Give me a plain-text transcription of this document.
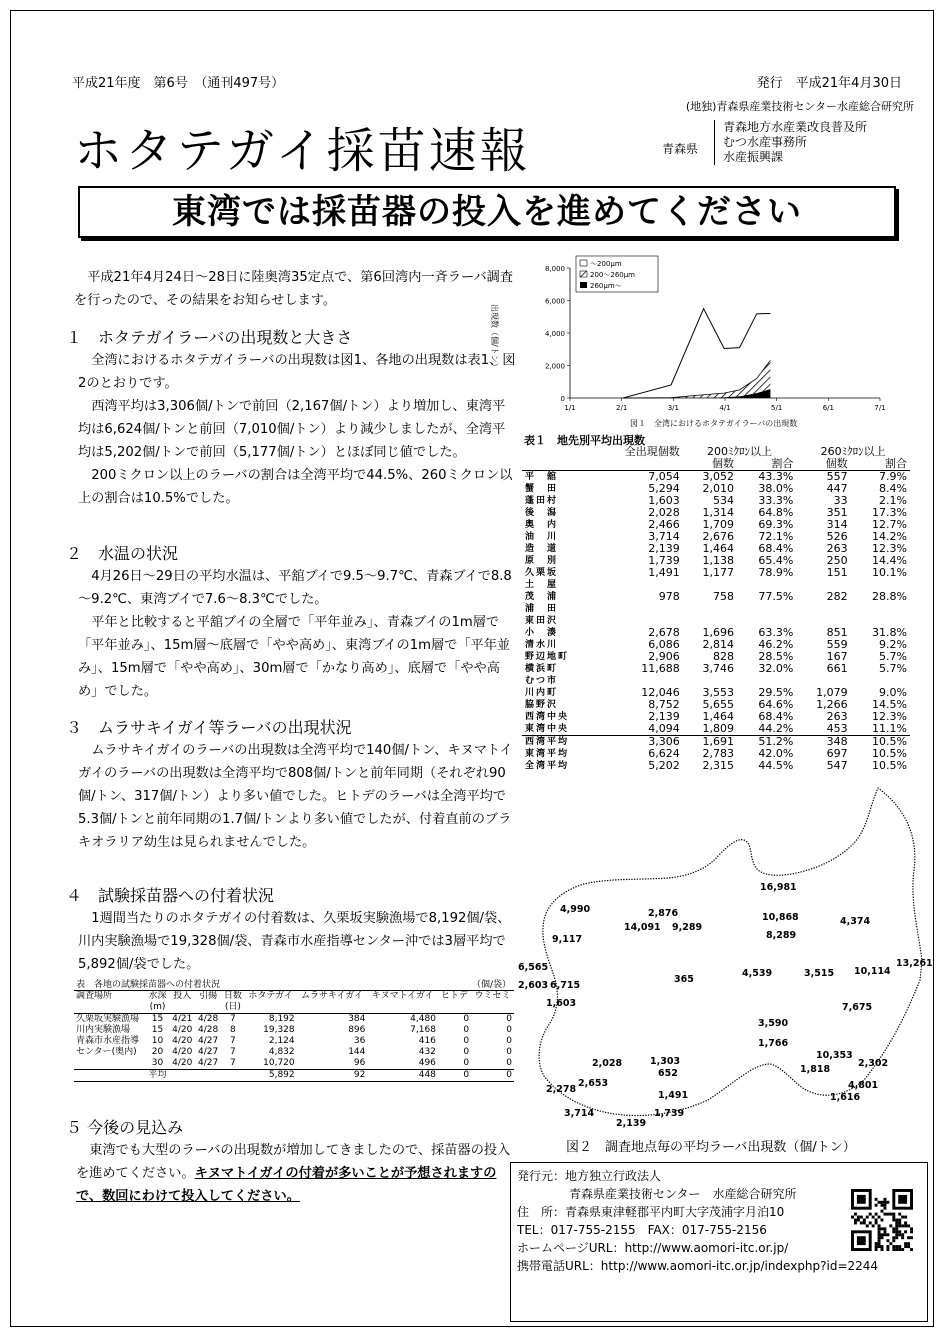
平成21年度　第6号　（通刊497号）	発行　平成21年4月30日
(地独)青森県産業技術センター水産総合研究所
ホタテガイ採苗速報	青森県
青森地方水産業改良普及所
むつ水産事務所
水産振興課
東湾では採苗器の投入を進めてください

平成21年4月24日～28日に陸奥湾35定点で、第6回湾内一斉ラーバ調査を行ったので、その結果をお知らせします。

１　ホタテガイラーバの出現数と大きさ

全湾におけるホタテガイラーバの出現数は図1、各地の出現数は表1、図2のとおりです。

西湾平均は3,306個/トンで前回（2,167個/トン）より増加し、東湾平均は6,624個/トンと前回（7,010個/トン）より減少しましたが、全湾平均は5,202個/トンで前回（5,177個/トン）とほぼ同じ値でした。

200ミクロン以上のラーバの割合は全湾平均で44.5%、260ミクロン以上の割合は10.5%でした。

２　水温の状況

4月26日～29日の平均水温は、平舘ブイで9.5～9.7℃、青森ブイで8.8～9.2℃、東湾ブイで7.6～8.3℃でした。

平年と比較すると平舘ブイの全層で「平年並み」、青森ブイの1m層で「平年並み」、15m層～底層で「やや高め」、東湾ブイの1m層で「平年並み」、15m層で「やや高め」、30m層で「かなり高め」、底層で「やや高め」でした。

３　ムラサキイガイ等ラーバの出現状況

ムラサキイガイのラーバの出現数は全湾平均で140個/トン、キヌマトイガイのラーバの出現数は全湾平均で808個/トンと前年同期（それぞれ90個/トン、317個/トン）より多い値でした。ヒトデのラーバは全湾平均で5.3個/トンと前年同期の1.7個/トンより多い値でしたが、付着直前のブラキオラリア幼生は見られませんでした。

４　試験採苗器への付着状況

1週間当たりのホタテガイの付着数は、久栗坂実験漁場で8,192個/袋、川内実験漁場で19,328個/袋、青森市水産指導センター沖では3層平均で5,892個/袋でした。

表　各地の試験採苗器への付着状況	（個/袋）
調査場所	水深	投入	引揚	日数	ホタテガイ	ムラサキイガイ	キヌマトイガイ	ヒトデ	ウミセミ
	(m)			(日)					
久栗坂実験漁場	15	4/21	4/28	7	8,192	384	4,480	0	0
川内実験漁場	15	4/20	4/28	8	19,328	896	7,168	0	0
青森市水産指導	10	4/20	4/27	7	2,124	36	416	0	0
センター(奥内)	20	4/20	4/27	7	4,832	144	432	0	0
	30	4/20	4/27	7	10,720	96	496	0	0
	平均				5,892	92	448	0	0
５ 今後の見込み

東湾でも大型のラーバの出現数が増加してきましたので、採苗器の投入を進めてください。キヌマトイガイの付着が多いことが予想されますので、数回にわけて投入してください。

8,000
6,000
4,000
2,000
0
1/1	2/1	3/1	4/1	5/1	6/1	7/1
出現数（個/トン）
～200μm
200～260μm
260μm～
図１　全湾におけるホタテガイラーバの出現数
表１　地先別平均出現数
	全出現個数	200ﾐｸﾛﾝ以上		260ﾐｸﾛﾝ以上	
		個数	割合	個数	割合
平　舘	7,054	3,052	43.3%	557	7.9%
蟹　田	5,294	2,010	38.0%	447	8.4%
蓬田村	1,603	534	33.3%	33	2.1%
後　潟	2,028	1,314	64.8%	351	17.3%
奥　内	2,466	1,709	69.3%	314	12.7%
油　川	3,714	2,676	72.1%	526	14.2%
造　道	2,139	1,464	68.4%	263	12.3%
原　別	1,739	1,138	65.4%	250	14.4%
久栗坂	1,491	1,177	78.9%	151	10.1%
土　屋					
茂　浦	978	758	77.5%	282	28.8%
浦　田					
東田沢					
小　湊	2,678	1,696	63.3%	851	31.8%
清水川	6,086	2,814	46.2%	559	9.2%
野辺地町	2,906	828	28.5%	167	5.7%
横浜町	11,688	3,746	32.0%	661	5.7%
むつ市					
川内町	12,046	3,553	29.5%	1,079	9.0%
脇野沢	8,752	5,655	64.6%	1,266	14.5%
西湾中央	2,139	1,464	68.4%	263	12.3%
東湾中央	4,094	1,809	44.2%	453	11.1%
西湾平均	3,306	1,691	51.2%	348	10.5%
東湾平均	6,624	2,783	42.0%	697	10.5%
全湾平均	5,202	2,315	44.5%	547	10.5%
4,990
9,117
2,876
14,091 9,289
16,981
10,868
8,289
4,374
13,261
6,565
2,603 6,715
1,603
365
4,539	3,515 10,114
7,675
3,590
1,766
10,353
1,818
2,302
2,028	1,303
652
2,653
2,278
1,491
4,801
1,616
3,714	1,739
2,139
図２　調査地点毎の平均ラーバ出現数（個/トン）
発行元：地方独立行政法人
青森県産業技術センター　水産総合研究所
住　所：青森県東津軽郡平内町大字茂浦字月泊10
TEL：017-755-2155　FAX：017-755-2156
ホームページURL：http://www.aomori-itc.or.jp/
携帯電話URL：http://www.aomori-itc.or.jp/indexphp?id=2244
